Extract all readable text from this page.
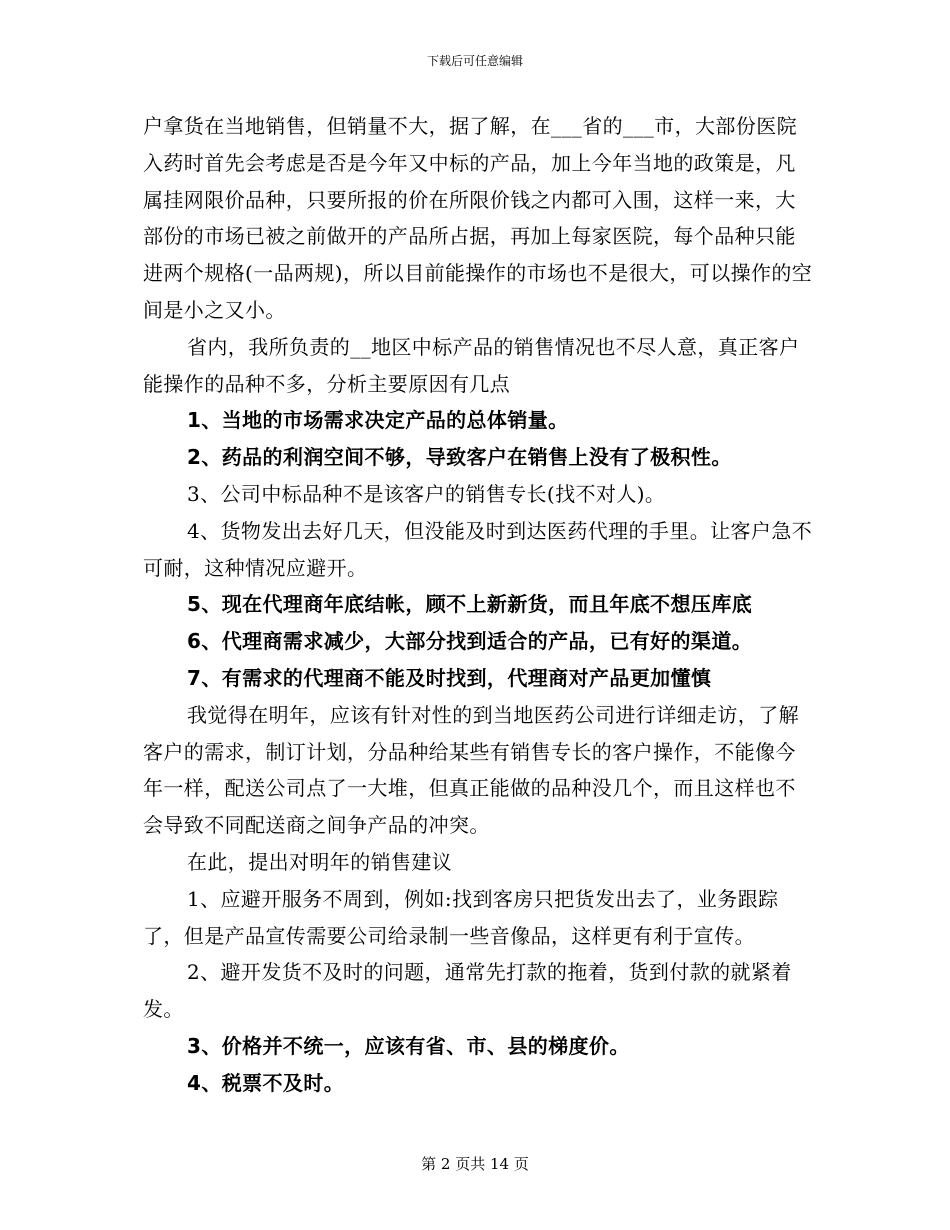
下载后可任意编辑

户拿货在当地销售，但销量不大，据了解，在___省的___市，大部份医院入药时首先会考虑是否是今年又中标的产品，加上今年当地的政策是，凡属挂网限价品种，只要所报的价在所限价钱之内都可入围，这样一来，大部份的市场已被之前做开的产品所占据，再加上每家医院，每个品种只能进两个规格(一品两规)，所以目前能操作的市场也不是很大，可以操作的空间是小之又小。

省内，我所负责的__地区中标产品的销售情况也不尽人意，真正客户能操作的品种不多，分析主要原因有几点

1、当地的市场需求决定产品的总体销量。

2、药品的利润空间不够，导致客户在销售上没有了极积性。

3、公司中标品种不是该客户的销售专长(找不对人)。

4、货物发出去好几天，但没能及时到达医药代理的手里。让客户急不可耐，这种情况应避开。

5、现在代理商年底结帐，顾不上新新货，而且年底不想压库底

6、代理商需求减少，大部分找到适合的产品，已有好的渠道。

7、有需求的代理商不能及时找到，代理商对产品更加懂慎

我觉得在明年，应该有针对性的到当地医药公司进行详细走访，了解客户的需求，制订计划，分品种给某些有销售专长的客户操作，不能像今年一样，配送公司点了一大堆，但真正能做的品种没几个，而且这样也不会导致不同配送商之间争产品的冲突。

在此，提出对明年的销售建议

1、应避开服务不周到，例如:找到客房只把货发出去了，业务跟踪了，但是产品宣传需要公司给录制一些音像品，这样更有利于宣传。

2、避开发货不及时的问题，通常先打款的拖着，货到付款的就紧着发。

3、价格并不统一，应该有省、市、县的梯度价。

4、税票不及时。

第 2 页共 14 页
